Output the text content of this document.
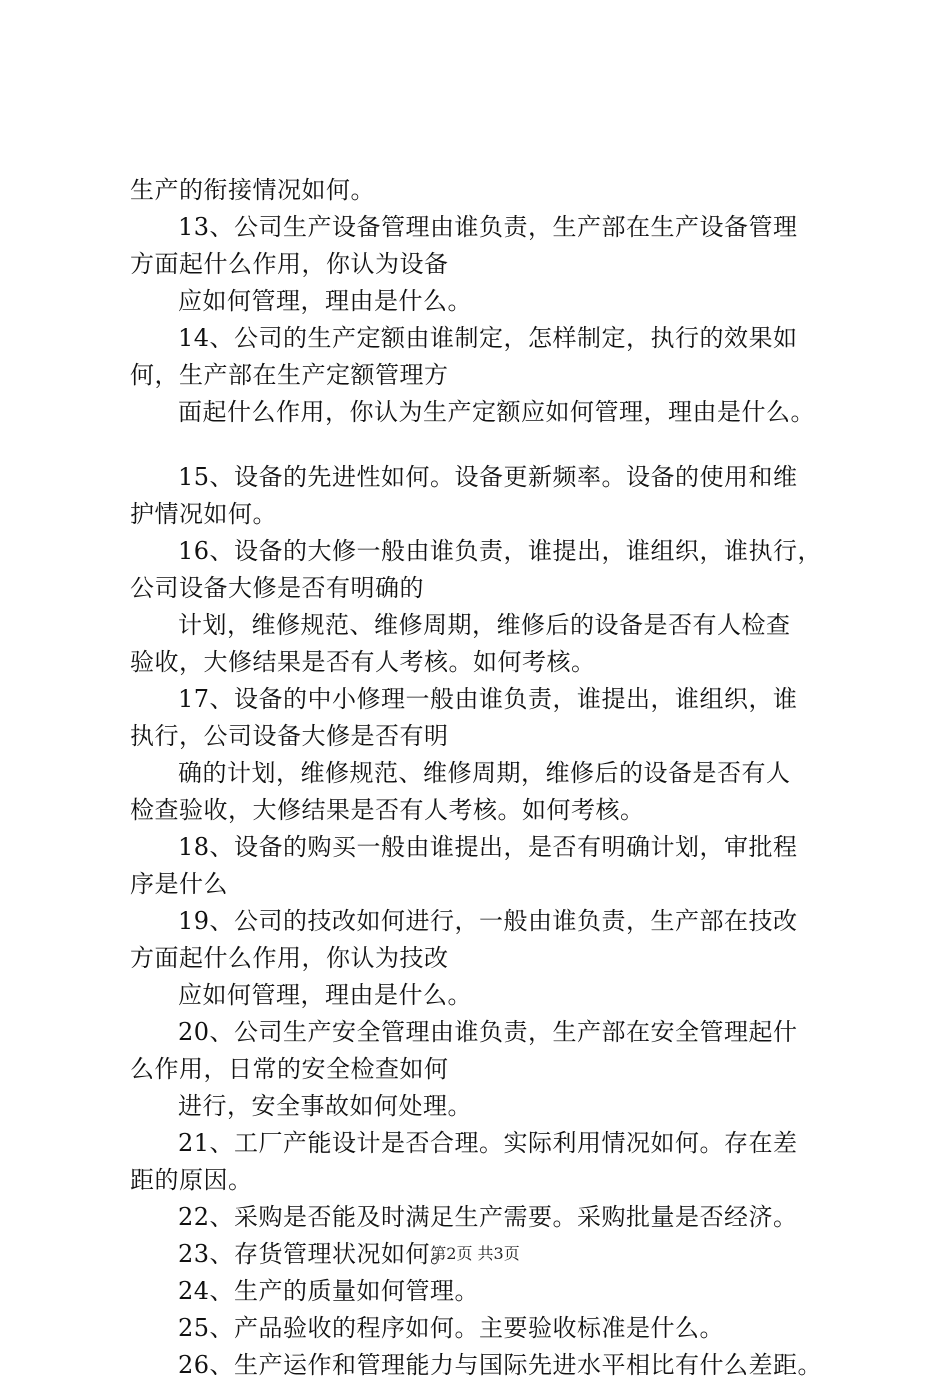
生产的衔接情况如何。
13、公司生产设备管理由谁负责，生产部在生产设备管理
方面起什么作用，你认为设备
应如何管理，理由是什么。
14、公司的生产定额由谁制定，怎样制定，执行的效果如
何，生产部在生产定额管理方
面起什么作用，你认为生产定额应如何管理，理由是什么。
15、设备的先进性如何。设备更新频率。设备的使用和维
护情况如何。
16、设备的大修一般由谁负责，谁提出，谁组织，谁执行，
公司设备大修是否有明确的
计划，维修规范、维修周期，维修后的设备是否有人检查
验收，大修结果是否有人考核。如何考核。
17、设备的中小修理一般由谁负责，谁提出，谁组织，谁
执行，公司设备大修是否有明
确的计划，维修规范、维修周期，维修后的设备是否有人
检查验收，大修结果是否有人考核。如何考核。
18、设备的购买一般由谁提出，是否有明确计划，审批程
序是什么
19、公司的技改如何进行，一般由谁负责，生产部在技改
方面起什么作用，你认为技改
应如何管理，理由是什么。
20、公司生产安全管理由谁负责，生产部在安全管理起什
么作用，日常的安全检查如何
进行，安全事故如何处理。
21、工厂产能设计是否合理。实际利用情况如何。存在差
距的原因。
22、采购是否能及时满足生产需要。采购批量是否经济。
23、存货管理状况如何。
24、生产的质量如何管理。
25、产品验收的程序如何。主要验收标准是什么。
26、生产运作和管理能力与国际先进水平相比有什么差距。
第2页 共3页
